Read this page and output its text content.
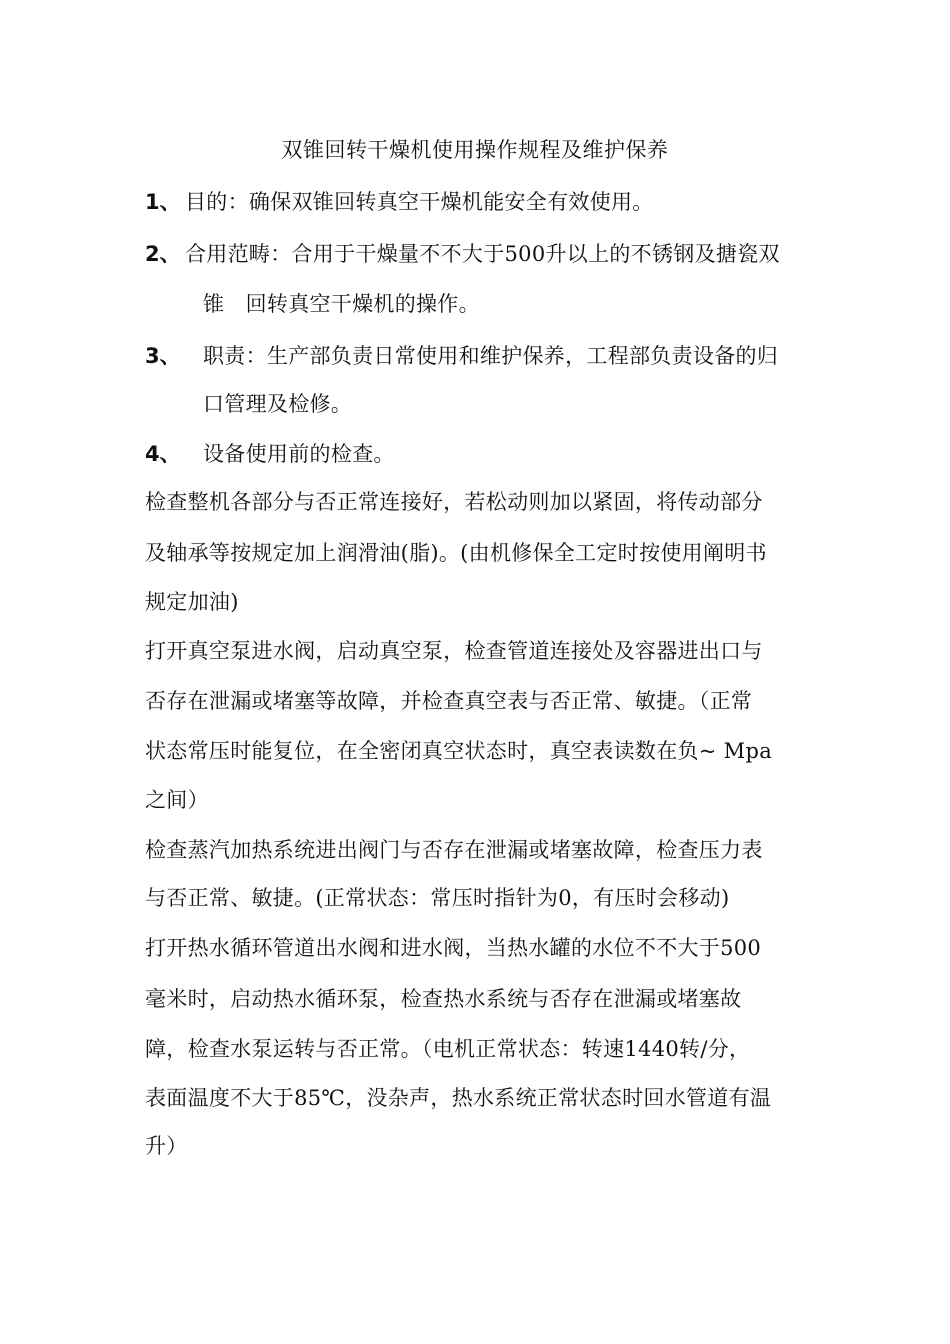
双锥回转干燥机使用操作规程及维护保养
1、 目的：确保双锥回转真空干燥机能安全有效使用。
2、 合用范畴：合用于干燥量不不大于500升以上的不锈钢及搪瓷双
锥　回转真空干燥机的操作。
3、 职责：生产部负责日常使用和维护保养，工程部负责设备的归
口管理及检修。
4、 设备使用前的检查。
检查整机各部分与否正常连接好，若松动则加以紧固，将传动部分
及轴承等按规定加上润滑油(脂)。(由机修保全工定时按使用阐明书
规定加油)
打开真空泵进水阀，启动真空泵，检查管道连接处及容器进出口与
否存在泄漏或堵塞等故障，并检查真空表与否正常、敏捷。（正常
状态常压时能复位，在全密闭真空状态时，真空表读数在负~ Mpa
之间）
检查蒸汽加热系统进出阀门与否存在泄漏或堵塞故障，检查压力表
与否正常、敏捷。(正常状态：常压时指针为0，有压时会移动)
打开热水循环管道出水阀和进水阀，当热水罐的水位不不大于500
毫米时，启动热水循环泵，检查热水系统与否存在泄漏或堵塞故
障，检查水泵运转与否正常。（电机正常状态：转速1440转/分，
表面温度不大于85℃，没杂声，热水系统正常状态时回水管道有温
升）
